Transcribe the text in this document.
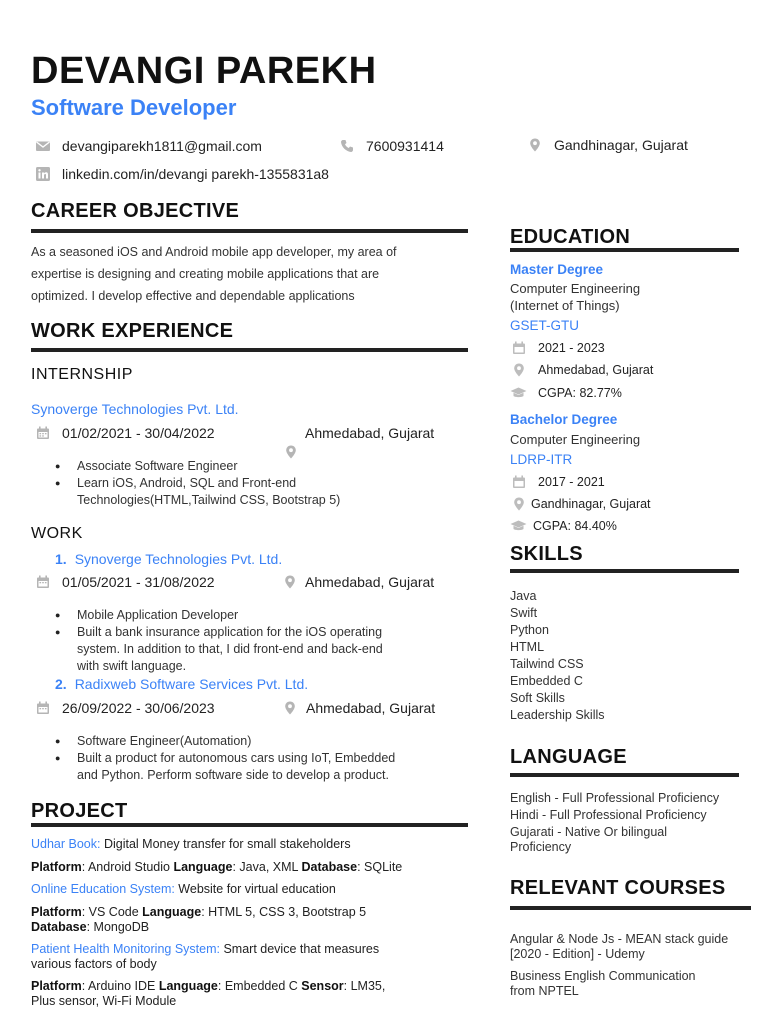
DEVANGI PAREKH
Software Developer
devangiparekh1811@gmail.com	7600931414	Gandhinagar, Gujarat
linkedin.com/in/devangi parekh-1355831a8
CAREER OBJECTIVE
As a seasoned iOS and Android mobile app developer, my area of
expertise is designing and creating mobile applications that are
optimized. I develop effective and dependable applications
WORK EXPERIENCE
INTERNSHIP
Synoverge Technologies Pvt. Ltd.
01/02/2021 - 30/04/2022	Ahmedabad, Gujarat
● Associate Software Engineer
● Learn iOS, Android, SQL and Front-end
Technologies(HTML,Tailwind CSS, Bootstrap 5)
WORK
1. Synoverge Technologies Pvt. Ltd.
01/05/2021 - 31/08/2022	Ahmedabad, Gujarat
● Mobile Application Developer
● Built a bank insurance application for the iOS operating
system. In addition to that, I did front-end and back-end
with swift language.
2. Radixweb Software Services Pvt. Ltd.
26/09/2022 - 30/06/2023	Ahmedabad, Gujarat
● Software Engineer(Automation)
● Built a product for autonomous cars using IoT, Embedded
and Python. Perform software side to develop a product.
PROJECT
Udhar Book: Digital Money transfer for small stakeholders
Platform: Android Studio Language: Java, XML Database: SQLite
Online Education System: Website for virtual education
Platform: VS Code Language: HTML 5, CSS 3, Bootstrap 5
Database: MongoDB
Patient Health Monitoring System: Smart device that measures
various factors of body
Platform: Arduino IDE Language: Embedded C Sensor: LM35,
Plus sensor, Wi-Fi Module
EDUCATION
Master Degree
Computer Engineering
(Internet of Things)
GSET-GTU
2021 - 2023
Ahmedabad, Gujarat
CGPA: 82.77%
Bachelor Degree
Computer Engineering
LDRP-ITR
2017 - 2021
Gandhinagar, Gujarat
CGPA: 84.40%
SKILLS
Java
Swift
Python
HTML
Tailwind CSS
Embedded C
Soft Skills
Leadership Skills
LANGUAGE
English - Full Professional Proficiency
Hindi - Full Professional Proficiency
Gujarati - Native Or bilingual
Proficiency
RELEVANT COURSES
Angular & Node Js - MEAN stack guide
[2020 - Edition] - Udemy
Business English Communication
from NPTEL
